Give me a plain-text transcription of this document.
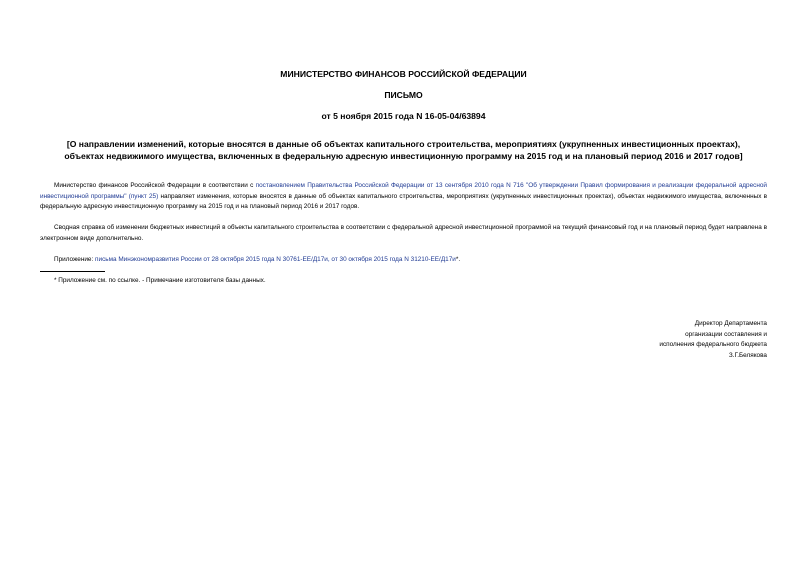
МИНИСТЕРСТВО ФИНАНСОВ РОССИЙСКОЙ ФЕДЕРАЦИИ
ПИСЬМО
от 5 ноября 2015 года N 16-05-04/63894
[О направлении изменений, которые вносятся в данные об объектах капитального строительства, мероприятиях (укрупненных инвестиционных проектах),
объектах недвижимого имущества, включенных в федеральную адресную инвестиционную программу на 2015 год и на плановый период 2016 и 2017 годов]
Министерство финансов Российской Федерации в соответствии с постановлением Правительства Российской Федерации от 13 сентября 2010 года N 716 "Об утверждении Правил формирования и реализации федеральной адресной инвестиционной программы" (пункт 25) направляет изменения, которые вносятся в данные об объектах капитального строительства, мероприятиях (укрупненных инвестиционных проектах), объектах недвижимого имущества, включенных в федеральную адресную инвестиционную программу на 2015 год и на плановый период 2016 и 2017 годов.
Сводная справка об изменении бюджетных инвестиций в объекты капитального строительства в соответствии с федеральной адресной инвестиционной программой на текущий финансовый год и на плановый период будет направлена в электронном виде дополнительно.
Приложение: письма Минэкономразвития России от 28 октября 2015 года N 30761-ЕЕ/Д17и, от 30 октября 2015 года N 31210-ЕЕ/Д17и*.
* Приложение см. по ссылке. - Примечание изготовителя базы данных.
Директор Департамента
организации составления и
исполнения федерального бюджета
З.Г.Белякова
